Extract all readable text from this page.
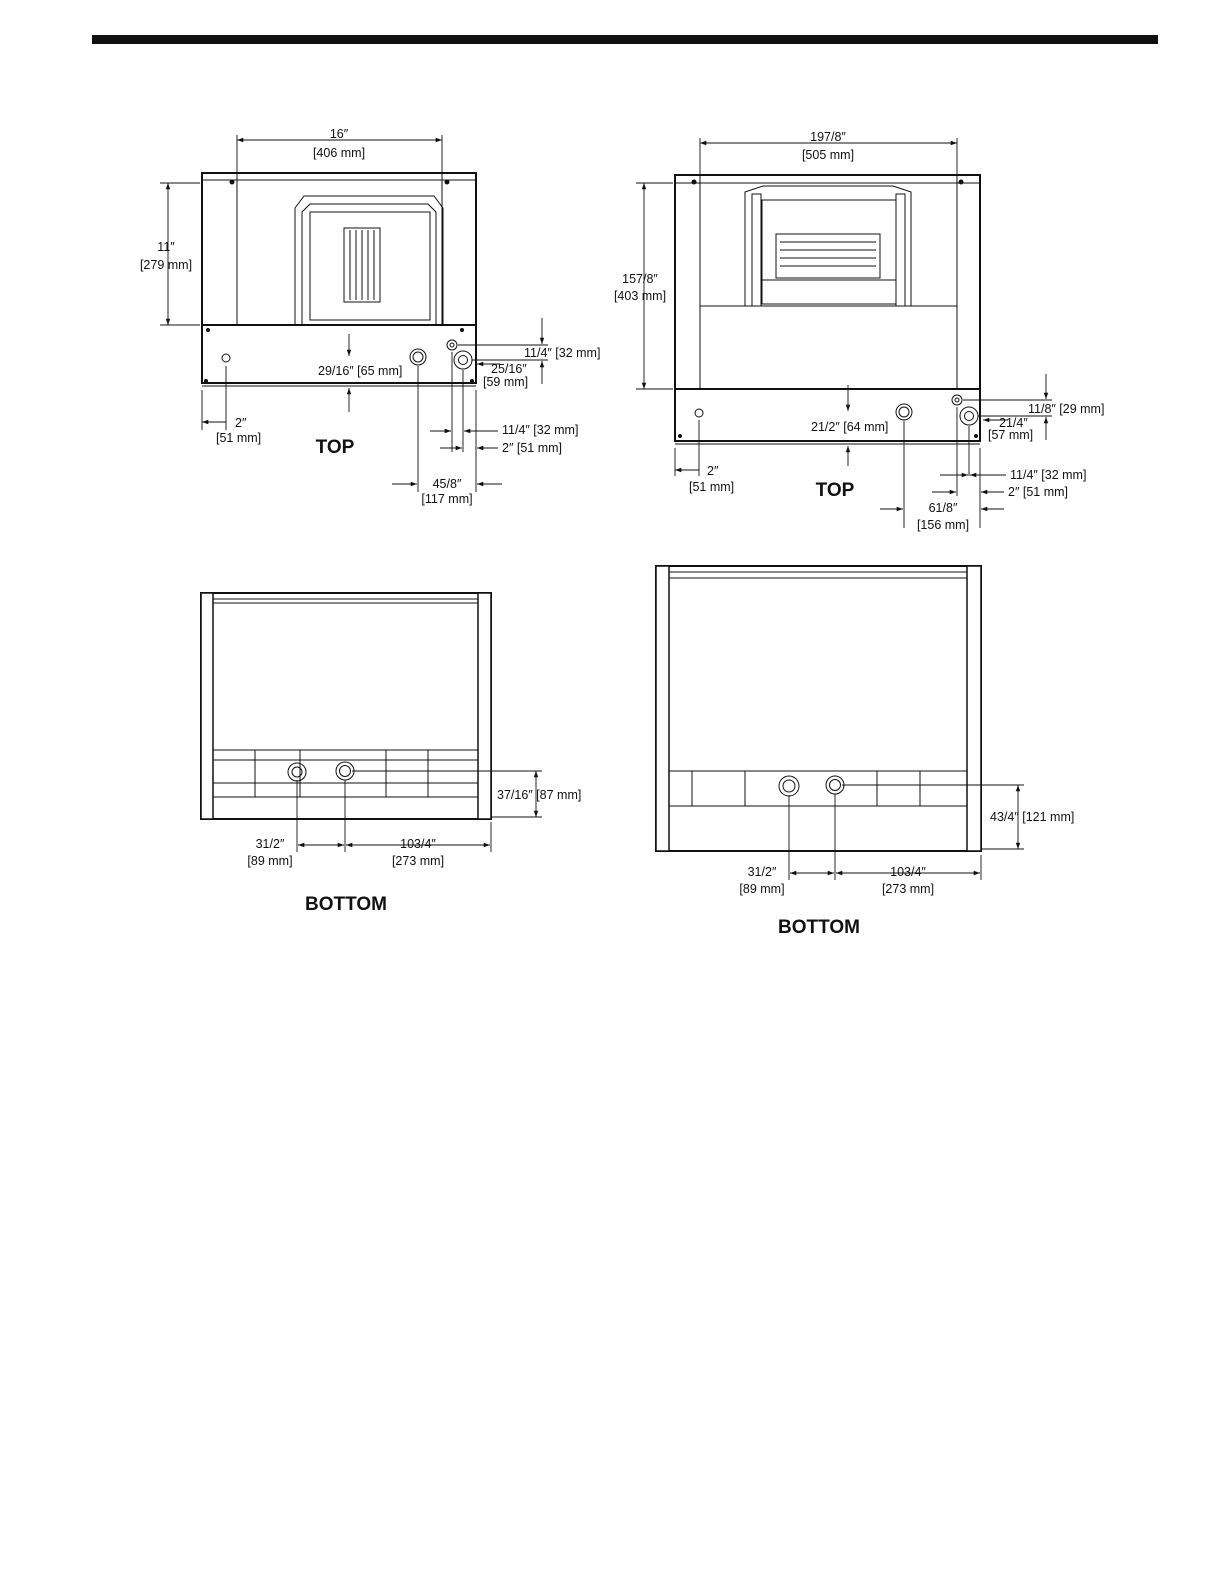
16″
[406 mm]
11″
[279 mm]
2″
[51 mm]
29/16″ [65 mm]
11/4″ [32 mm]
25/16″
[59 mm]
11/4″ [32 mm]
2″ [51 mm]
45/8″
[117 mm]
TOP
197/8″
[505 mm]
157/8″
[403 mm]
2″
[51 mm]
21/2″ [64 mm]
11/8″ [29 mm]
21/4″
[57 mm]
11/4″ [32 mm]
2″ [51 mm]
61/8″
[156 mm]
TOP
37/16″ [87 mm]
31/2″
[89 mm]
103/4″
[273 mm]
BOTTOM
43/4″ [121 mm]
31/2″
[89 mm]
103/4″
[273 mm]
BOTTOM
